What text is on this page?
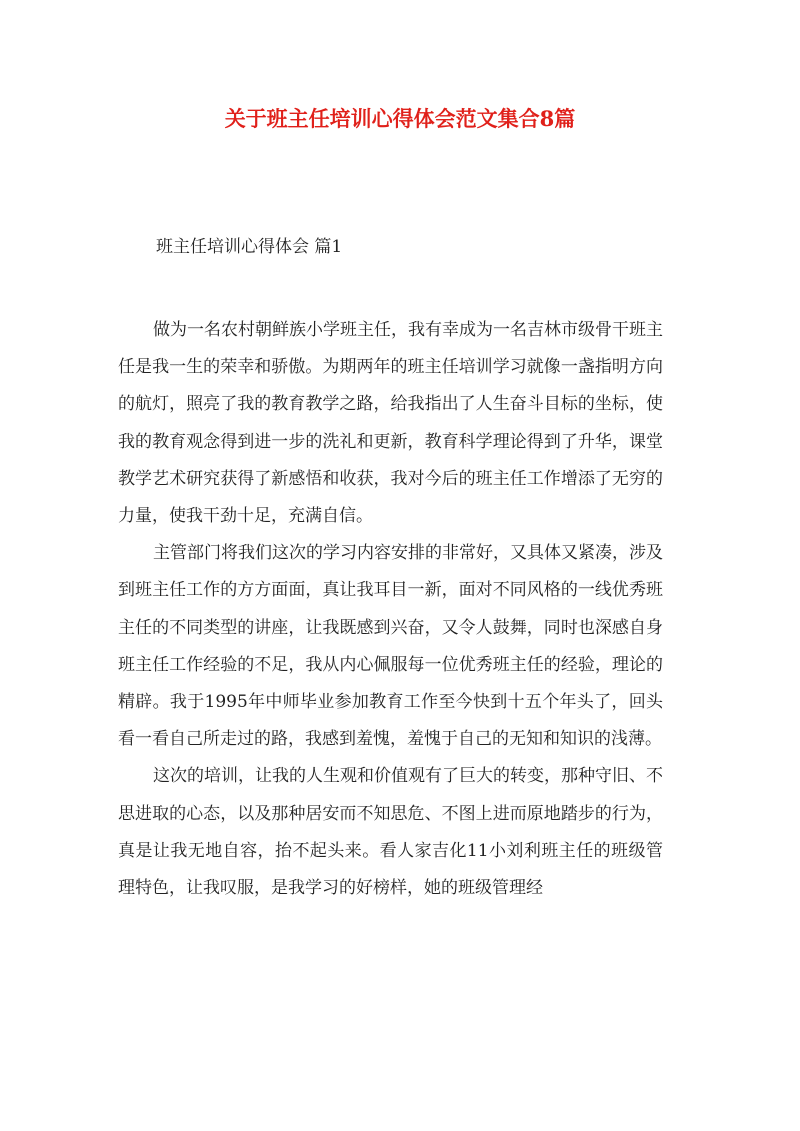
关于班主任培训心得体会范文集合8篇
班主任培训心得体会 篇1

做为一名农村朝鲜族小学班主任，我有幸成为一名吉林市级骨干班主任是我一生的荣幸和骄傲。为期两年的班主任培训学习就像一盏指明方向的航灯，照亮了我的教育教学之路，给我指出了人生奋斗目标的坐标，使我的教育观念得到进一步的洗礼和更新，教育科学理论得到了升华，课堂教学艺术研究获得了新感悟和收获，我对今后的班主任工作增添了无穷的力量，使我干劲十足，充满自信。

主管部门将我们这次的学习内容安排的非常好，又具体又紧凑，涉及到班主任工作的方方面面，真让我耳目一新，面对不同风格的一线优秀班主任的不同类型的讲座，让我既感到兴奋，又令人鼓舞，同时也深感自身班主任工作经验的不足，我从内心佩服每一位优秀班主任的经验，理论的精辟。我于1995年中师毕业参加教育工作至今快到十五个年头了，回头看一看自己所走过的路，我感到羞愧，羞愧于自己的无知和知识的浅薄。

这次的培训，让我的人生观和价值观有了巨大的转变，那种守旧、不思进取的心态，以及那种居安而不知思危、不图上进而原地踏步的行为，真是让我无地自容，抬不起头来。看人家吉化11小刘利班主任的班级管理特色，让我叹服，是我学习的好榜样，她的班级管理经
